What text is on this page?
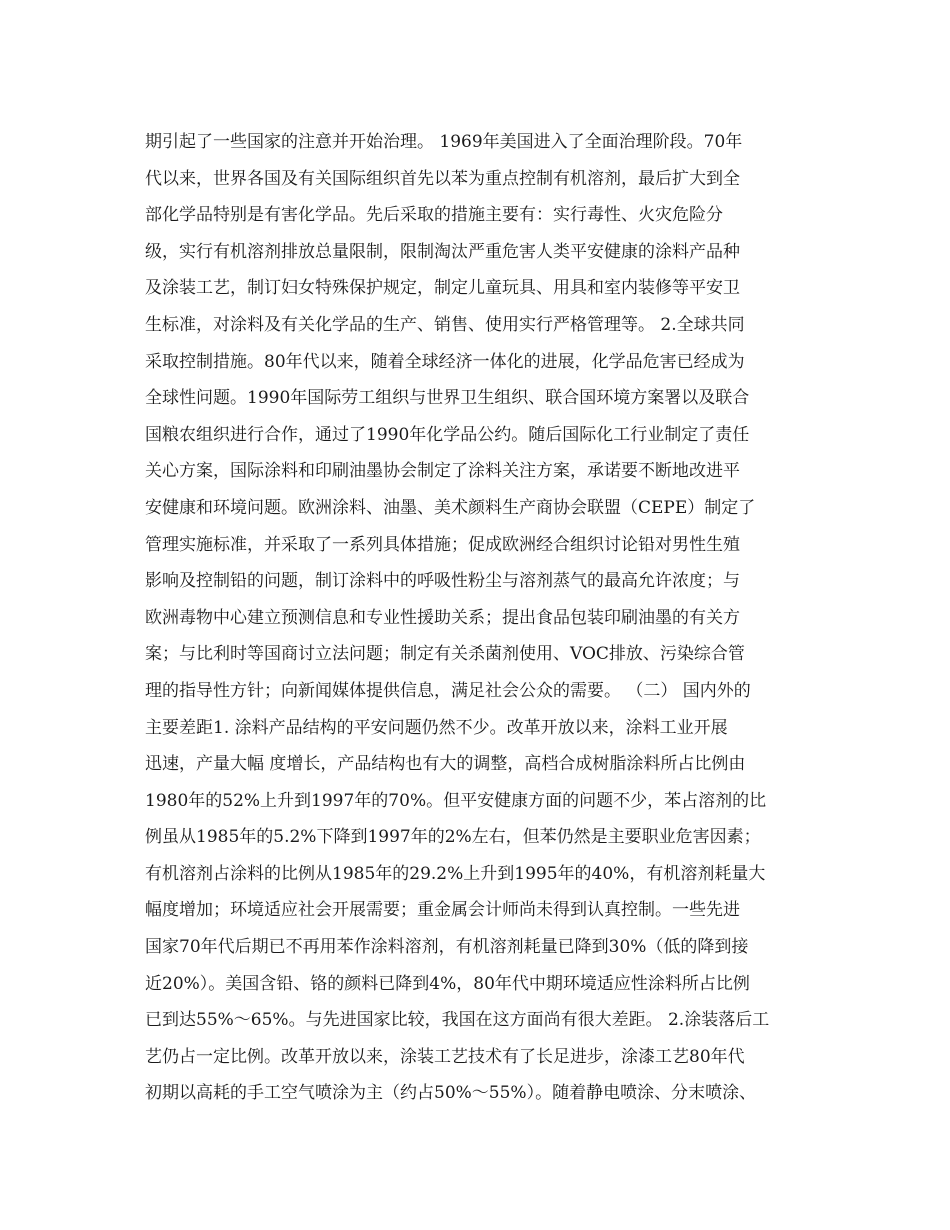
期引起了一些国家的注意并开始治理。 1969年美国进入了全面治理阶段。70年
代以来，世界各国及有关国际组织首先以苯为重点控制有机溶剂，最后扩大到全
部化学品特别是有害化学品。先后采取的措施主要有：实行毒性、火灾危险分
级，实行有机溶剂排放总量限制，限制淘汰严重危害人类平安健康的涂料产品种
及涂装工艺，制订妇女特殊保护规定，制定儿童玩具、用具和室内装修等平安卫
生标准，对涂料及有关化学品的生产、销售、使用实行严格管理等。 2.全球共同
采取控制措施。80年代以来，随着全球经济一体化的进展，化学品危害已经成为
全球性问题。1990年国际劳工组织与世界卫生组织、联合国环境方案署以及联合
国粮农组织进行合作，通过了1990年化学品公约。随后国际化工行业制定了责任
关心方案，国际涂料和印刷油墨协会制定了涂料关注方案，承诺要不断地改进平
安健康和环境问题。欧洲涂料、油墨、美术颜料生产商协会联盟（CEPE）制定了
管理实施标准，并采取了一系列具体措施；促成欧洲经合组织讨论铅对男性生殖
影响及控制铅的问题，制订涂料中的呼吸性粉尘与溶剂蒸气的最高允许浓度；与
欧洲毒物中心建立预测信息和专业性援助关系；提出食品包装印刷油墨的有关方
案；与比利时等国商讨立法问题；制定有关杀菌剂使用、VOC排放、污染综合管
理的指导性方针；向新闻媒体提供信息，满足社会公众的需要。 （二） 国内外的
主要差距1. 涂料产品结构的平安问题仍然不少。改革开放以来，涂料工业开展
迅速，产量大幅 度增长，产品结构也有大的调整，高档合成树脂涂料所占比例由
1980年的52%上升到1997年的70%。但平安健康方面的问题不少，苯占溶剂的比
例虽从1985年的5.2%下降到1997年的2%左右，但苯仍然是主要职业危害因素；
有机溶剂占涂料的比例从1985年的29.2%上升到1995年的40%，有机溶剂耗量大
幅度增加；环境适应社会开展需要；重金属会计师尚未得到认真控制。一些先进
国家70年代后期已不再用苯作涂料溶剂，有机溶剂耗量已降到30%（低的降到接
近20%）。美国含铅、铬的颜料已降到4%，80年代中期环境适应性涂料所占比例
已到达55%～65%。与先进国家比较，我国在这方面尚有很大差距。 2.涂装落后工
艺仍占一定比例。改革开放以来，涂装工艺技术有了长足进步，涂漆工艺80年代
初期以高耗的手工空气喷涂为主（约占50%～55%）。随着静电喷涂、分末喷涂、
